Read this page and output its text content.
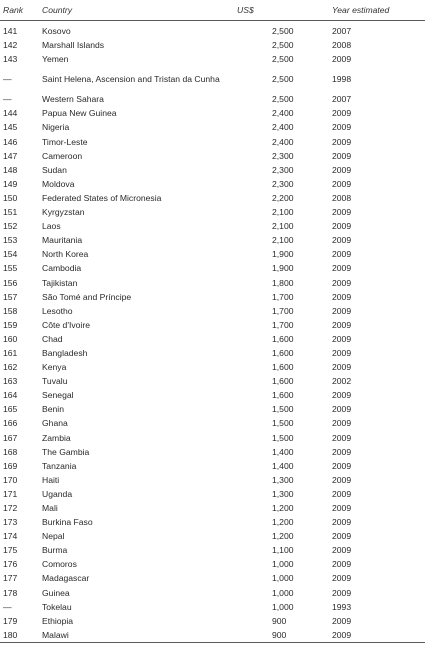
Rank	Country	US$	Year estimated
141	Kosovo	2,500	2007
142	Marshall Islands	2,500	2008
143	Yemen	2,500	2009
—	Saint Helena, Ascension and Tristan da Cunha	2,500	1998
—	Western Sahara	2,500	2007
144	Papua New Guinea	2,400	2009
145	Nigeria	2,400	2009
146	Timor-Leste	2,400	2009
147	Cameroon	2,300	2009
148	Sudan	2,300	2009
149	Moldova	2,300	2009
150	Federated States of Micronesia	2,200	2008
151	Kyrgyzstan	2,100	2009
152	Laos	2,100	2009
153	Mauritania	2,100	2009
154	North Korea	1,900	2009
155	Cambodia	1,900	2009
156	Tajikistan	1,800	2009
157	São Tomé and Príncipe	1,700	2009
158	Lesotho	1,700	2009
159	Côte d'Ivoire	1,700	2009
160	Chad	1,600	2009
161	Bangladesh	1,600	2009
162	Kenya	1,600	2009
163	Tuvalu	1,600	2002
164	Senegal	1,600	2009
165	Benin	1,500	2009
166	Ghana	1,500	2009
167	Zambia	1,500	2009
168	The Gambia	1,400	2009
169	Tanzania	1,400	2009
170	Haiti	1,300	2009
171	Uganda	1,300	2009
172	Mali	1,200	2009
173	Burkina Faso	1,200	2009
174	Nepal	1,200	2009
175	Burma	1,100	2009
176	Comoros	1,000	2009
177	Madagascar	1,000	2009
178	Guinea	1,000	2009
—	Tokelau	1,000	1993
179	Ethiopia	900	2009
180	Malawi	900	2009
